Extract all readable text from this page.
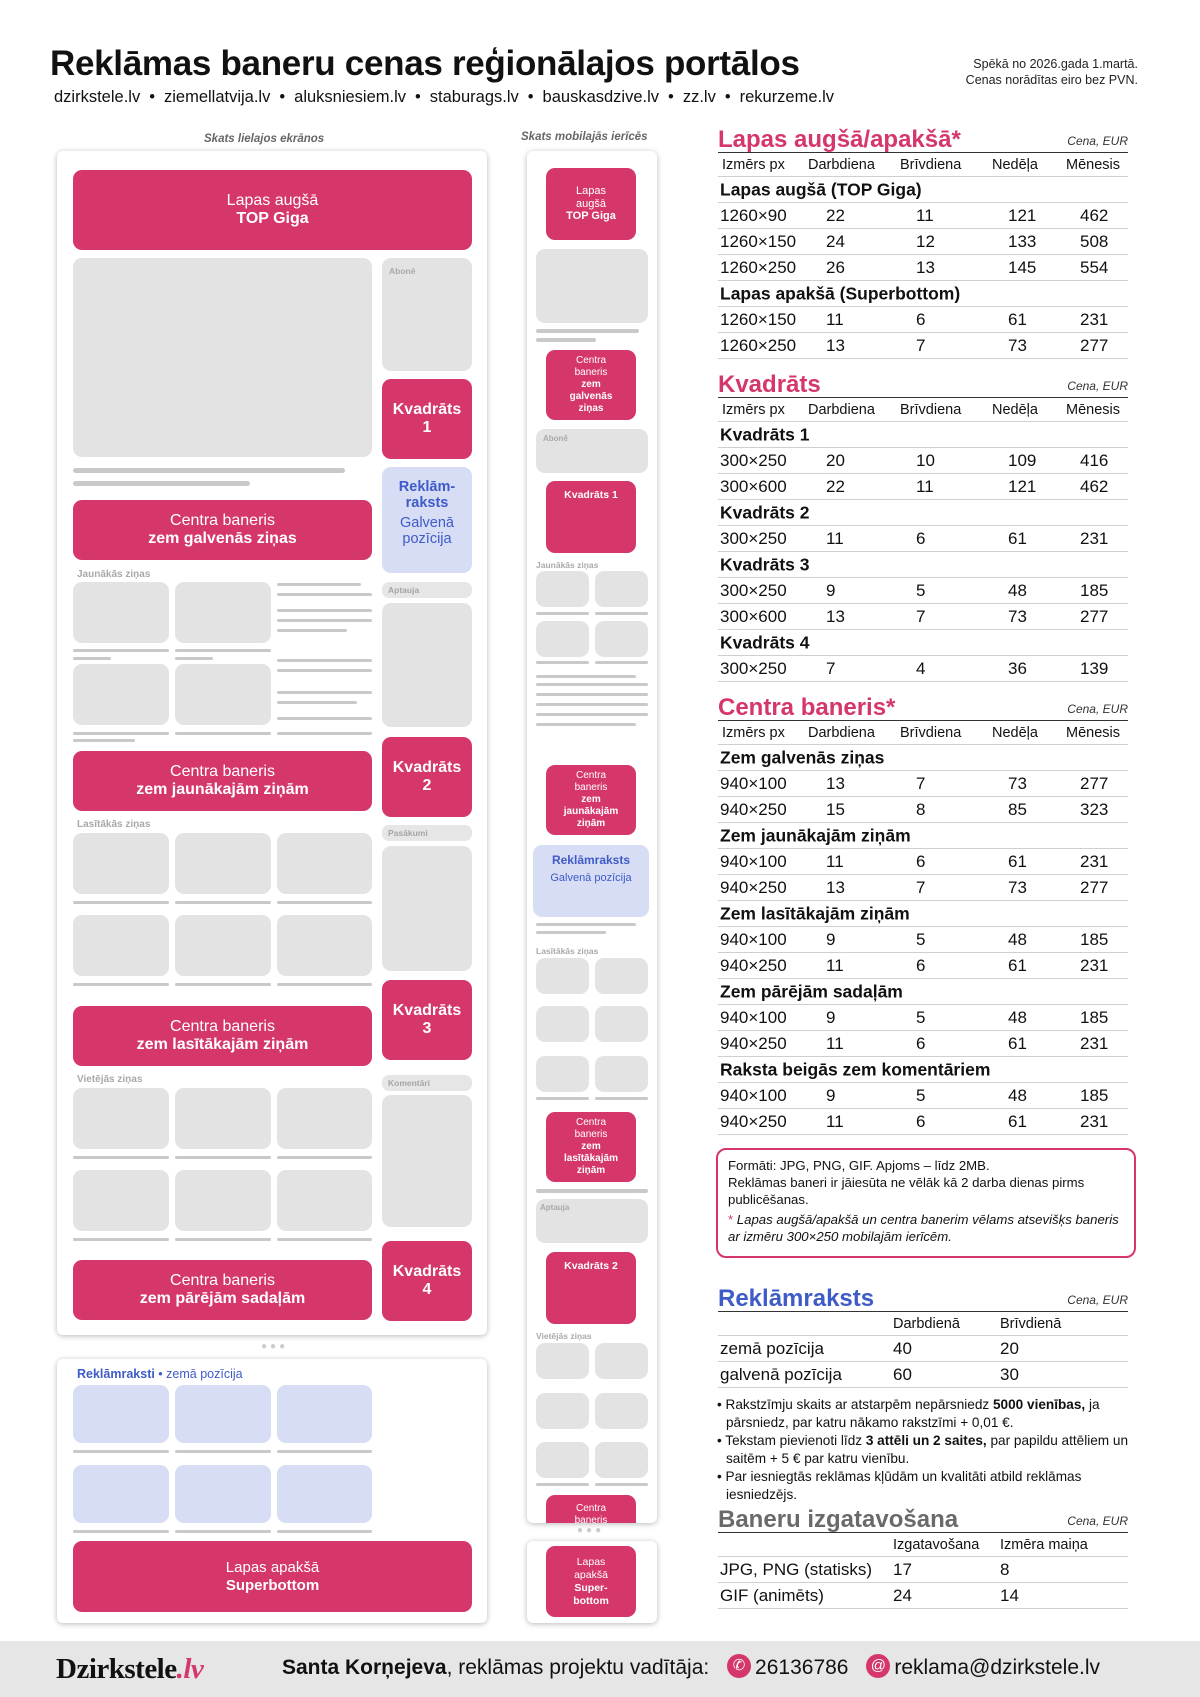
Reklāmas baneru cenas reģionālajos portālos
dzirkstele.lv • ziemellatvija.lv • aluksniesiem.lv • staburags.lv • bauskasdzive.lv • zz.lv • rekurzeme.lv
Spēkā no 2026.gada 1.martā.
Cenas norādītas eiro bez PVN.
Skats lielajos ekrānos
Lapas augšā
TOP Giga
Abonē
Kvadrāts
1
Reklām-
raksts
Galvenā
pozīcija
Centra baneris
zem galvenās ziņas
Jaunākās ziņas
Aptauja
Kvadrāts
2
Centra baneris
zem jaunākajām ziņām
Lasītākās ziņas
Pasākumi
Kvadrāts
3
Centra baneris
zem lasītākajām ziņām
Vietējās ziņas	Komentāri
Kvadrāts
4
Centra baneris
zem pārējām sadaļām
●●●
Reklāmraksti • zemā pozīcija
Lapas apakšā
Superbottom
Skats mobilajās ierīcēs
Lapas
augšā
TOP Giga
Centra
baneris
zem
galvenās
ziņas
Abonē
Kvadrāts 1
Jaunākās ziņas
Centra
baneris
zem
jaunākajām
ziņām
Reklāmraksts
Galvenā pozīcija
Lasītākās ziņas
Centra
baneris
zem
lasītākajām
ziņām
Aptauja
Kvadrāts 2
Vietējās ziņas
Centra
baneris
●●●
Lapas
apakšā
Super-
bottom
Lapas augšā/apakšā*	Cena, EUR
Izmērs px Darbdiena Brīvdiena Nedēļa Mēnesis
Lapas augšā (TOP Giga)
1260×90 22	11	121	462
1260×150 24	12	133	508
1260×250 26	13	145	554
Lapas apakšā (Superbottom)
1260×150 11	6	61	231
1260×250 13	7	73	277
Kvadrāts	Cena, EUR
Izmērs px Darbdiena Brīvdiena Nedēļa Mēnesis
Kvadrāts 1
300×250 20	10	109	416
300×600 22	11	121	462
Kvadrāts 2
300×250 11	6	61	231
Kvadrāts 3
300×250 9	5	48	185
300×600 13	7	73	277
Kvadrāts 4
300×250 7	4	36	139
Centra baneris*	Cena, EUR
Izmērs px Darbdiena Brīvdiena Nedēļa Mēnesis
Zem galvenās ziņas
940×100 13	7	73	277
940×250 15	8	85	323
Zem jaunākajām ziņām
940×100 11	6	61	231
940×250 13	7	73	277
Zem lasītākajām ziņām
940×100 9	5	48	185
940×250 11	6	61	231
Zem pārējām sadaļām
940×100 9	5	48	185
940×250 11	6	61	231
Raksta beigās zem komentāriem
940×100 9	5	48	185
940×250 11	6	61	231
Formāti: JPG, PNG, GIF. Apjoms – līdz 2MB.
Reklāmas baneri ir jāiesūta ne vēlāk kā 2 darba dienas pirms publicēšanas.
* Lapas augšā/apakšā un centra banerim vēlams atsevišķs baneris ar izmēru 300×250 mobilajām ierīcēm.
Reklāmraksts	Cena, EUR
Darbdienā	Brīvdienā
zemā pozīcija	40	20
galvenā pozīcija	60	30
• Rakstzīmju skaits ar atstarpēm nepārsniedz 5000 vienības, ja pārsniedz, par katru nākamo rakstzīmi + 0,01 €.
• Tekstam pievienoti līdz 3 attēli un 2 saites, par papildu attēliem un saitēm + 5 € par katru vienību.
• Par iesniegtās reklāmas kļūdām un kvalitāti atbild reklāmas iesniedzējs.
Baneru izgatavošana	Cena, EUR
Izgatavošana Izmēra maiņa
JPG, PNG (statisks) 17	8
GIF (animēts)	24	14
Dzirkstele.lv	Santa Korņejeva, reklāmas projektu vadītāja: ✆ 26136786 @ reklama@dzirkstele.lv
